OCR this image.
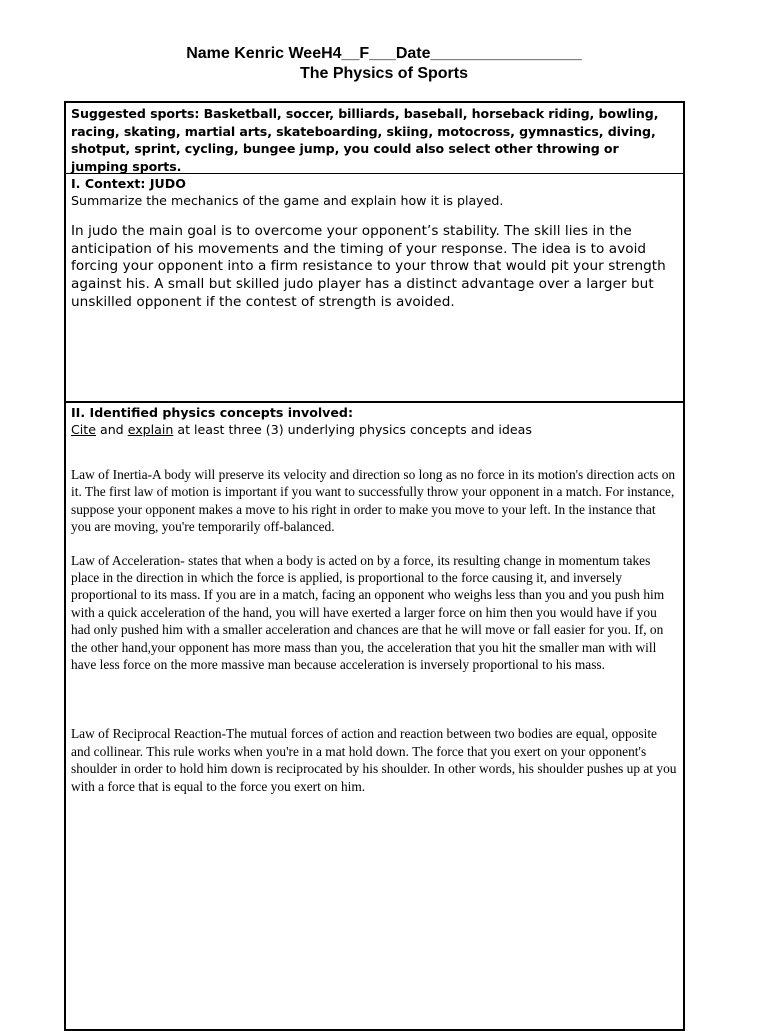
Name Kenric WeeH4__F___Date_________________
The Physics of Sports
Suggested sports: Basketball, soccer, billiards, baseball, horseback riding, bowling, racing, skating, martial arts, skateboarding, skiing, motocross, gymnastics, diving, shotput, sprint, cycling, bungee jump, you could also select other throwing or jumping sports.
I. Context: JUDO
Summarize the mechanics of the game and explain how it is played.
In judo the main goal is to overcome your opponent’s stability. The skill lies in the anticipation of his movements and the timing of your response. The idea is to avoid forcing your opponent into a firm resistance to your throw that would pit your strength against his. A small but skilled judo player has a distinct advantage over a larger but unskilled opponent if the contest of strength is avoided.
II. Identified physics concepts involved:
Cite and explain at least three (3) underlying physics concepts and ideas
Law of Inertia-A body will preserve its velocity and direction so long as no force in its motion's direction acts on it. The first law of motion is important if you want to successfully throw your opponent in a match. For instance, suppose your opponent makes a move to his right in order to make you move to your left. In the instance that you are moving, you're temporarily off-balanced.
Law of Acceleration- states that when a body is acted on by a force, its resulting change in momentum takes place in the direction in which the force is applied, is proportional to the force causing it, and inversely proportional to its mass. If you are in a match, facing an opponent who weighs less than you and you push him with a quick acceleration of the hand, you will have exerted a larger force on him then you would have if you had only pushed him with a smaller acceleration and chances are that he will move or fall easier for you. If, on the other hand,your opponent has more mass than you, the acceleration that you hit the smaller man with will have less force on the more massive man because acceleration is inversely proportional to his mass.
Law of Reciprocal Reaction-The mutual forces of action and reaction between two bodies are equal, opposite and collinear. This rule works when you're in a mat hold down. The force that you exert on your opponent's shoulder in order to hold him down is reciprocated by his shoulder. In other words, his shoulder pushes up at you with a force that is equal to the force you exert on him.
